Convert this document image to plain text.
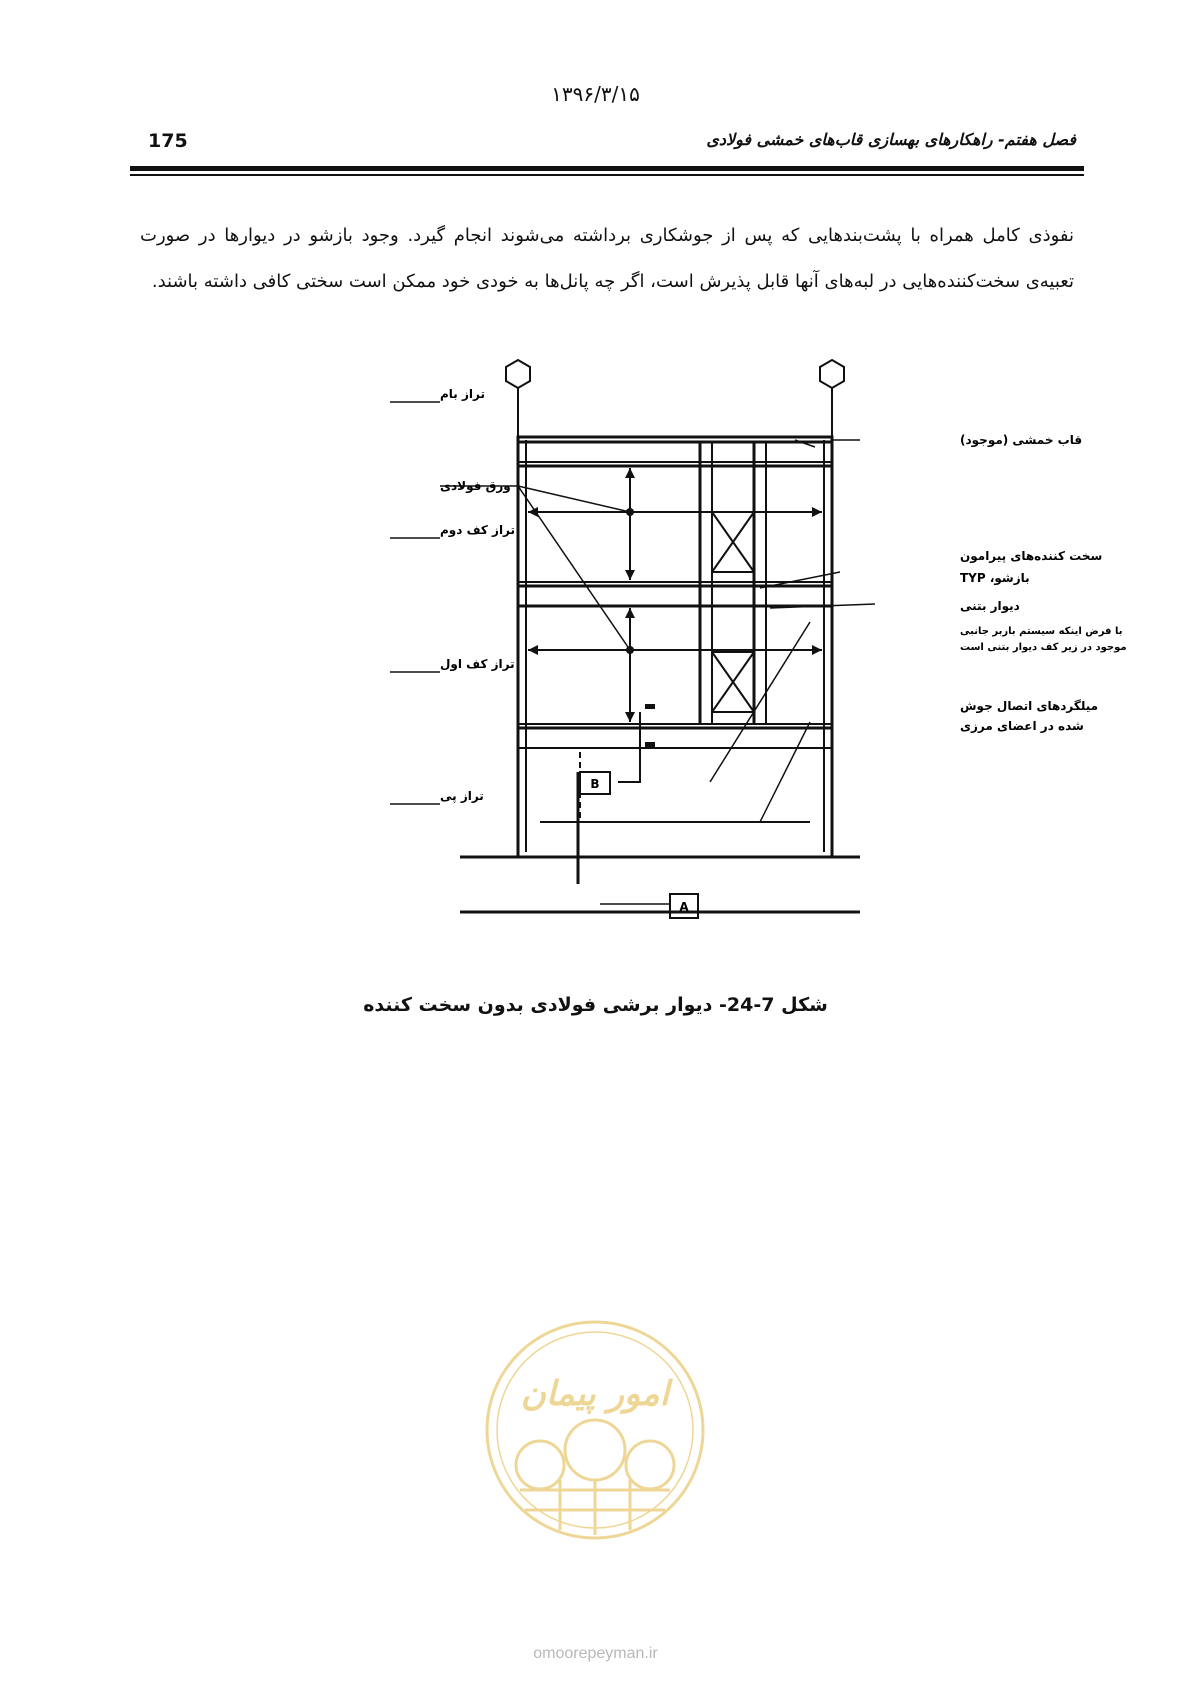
۱۳۹۶/۳/۱۵
175	فصل هفتم- راهکارهای بهسازی قاب‌های خمشی فولادی
نفوذی کامل همراه با پشت‌بندهایی که پس از جوشکاری برداشته می‌شوند انجام گیرد. وجود بازشو در دیوارها در صورت تعبیه‌ی سخت‌کننده‌هایی در لبه‌های آنها قابل پذیرش است، اگر چه پانل‌ها به خودی خود ممکن است سختی کافی داشته باشند.
تراز بام
ورق فولادی
تراز کف دوم
تراز کف اول
تراز پی
قاب خمشی (موجود)
سخت کننده‌های پیرامون
بازشو، TYP
دیوار بتنی
با فرض اینکه سیستم باربر جانبی
موجود در زیر کف دیوار بتنی است
میلگردهای اتصال جوش
شده در اعضای مرزی
B
A
شکل 7-24- دیوار برشی فولادی بدون سخت کننده
امور پیمان
omoorepeyman.ir
